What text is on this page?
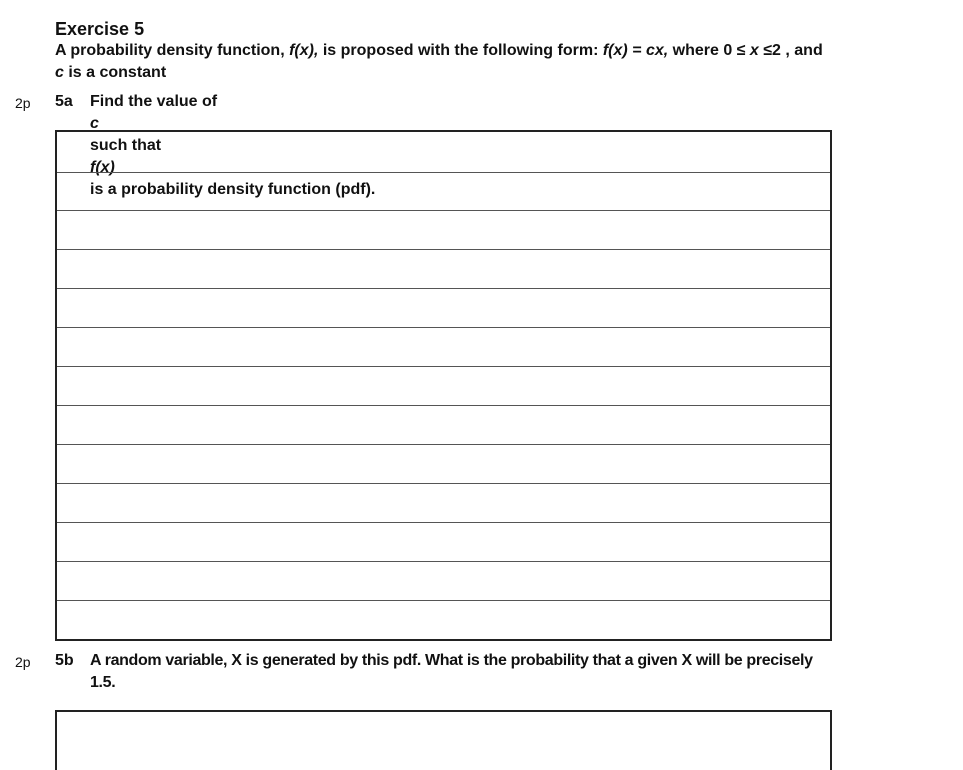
Exercise 5
A probability density function, f(x), is proposed with the following form: f(x) = cx, where 0 ≤ x ≤2 , and
c is a constant
2p 5a Find the value of
c
such that
f(x)
is a probability density function (pdf).
2p 5b A random variable, X is generated by this pdf. What is the probability that a given X will be precisely
1.5.
